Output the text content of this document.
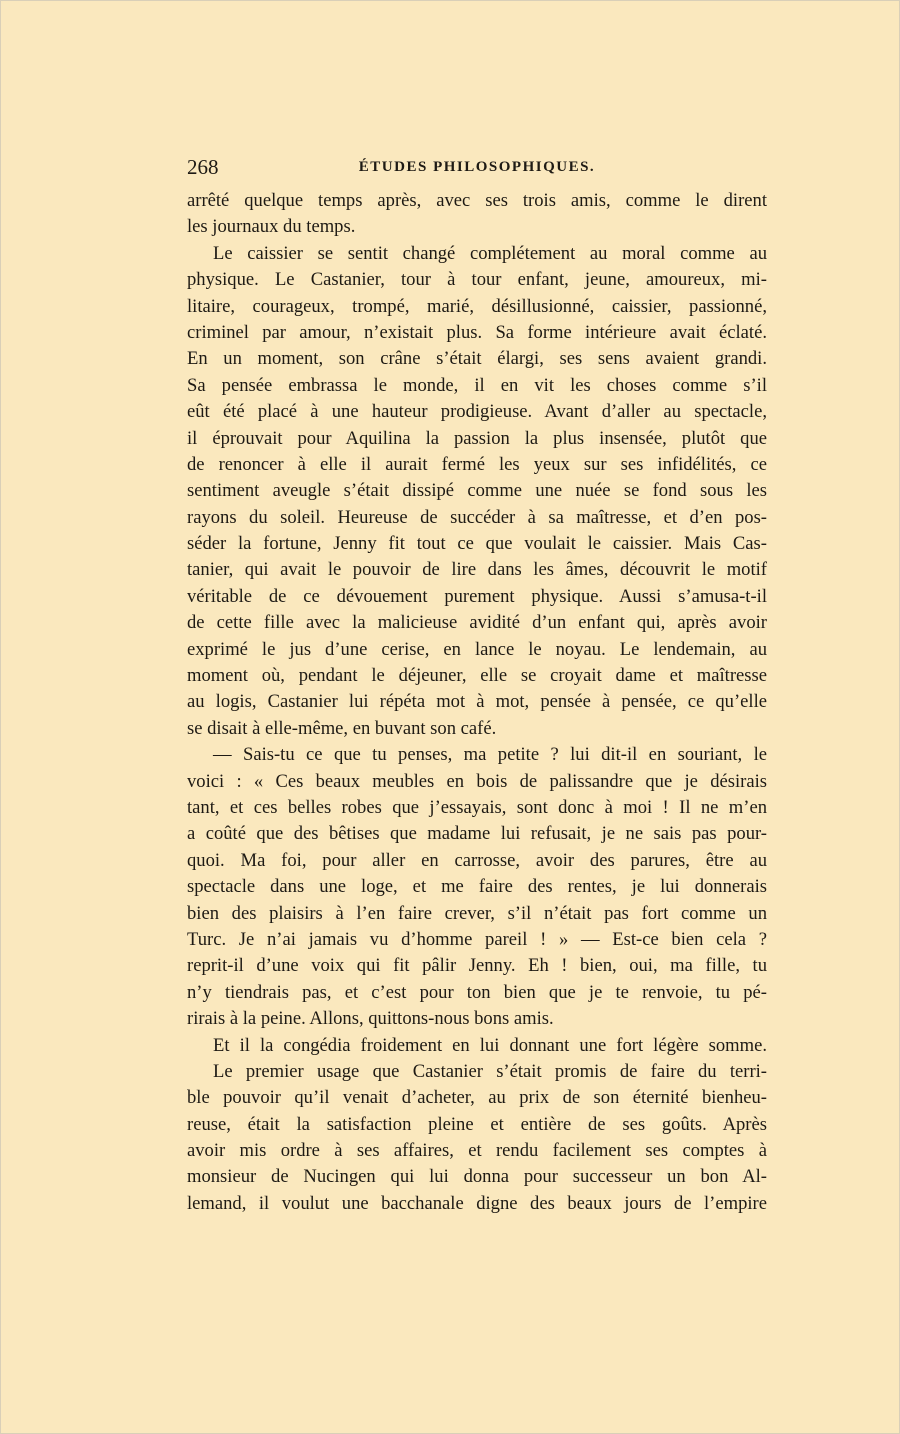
268	ÉTUDES PHILOSOPHIQUES.
arrêté quelque temps après, avec ses trois amis, comme le dirent
les journaux du temps.
Le caissier se sentit changé complétement au moral comme au
physique. Le Castanier, tour à tour enfant, jeune, amoureux, mi-
litaire, courageux, trompé, marié, désillusionné, caissier, passionné,
criminel par amour, n’existait plus. Sa forme intérieure avait éclaté.
En un moment, son crâne s’était élargi, ses sens avaient grandi.
Sa pensée embrassa le monde, il en vit les choses comme s’il
eût été placé à une hauteur prodigieuse. Avant d’aller au spectacle,
il éprouvait pour Aquilina la passion la plus insensée, plutôt que
de renoncer à elle il aurait fermé les yeux sur ses infidélités, ce
sentiment aveugle s’était dissipé comme une nuée se fond sous les
rayons du soleil. Heureuse de succéder à sa maîtresse, et d’en pos-
séder la fortune, Jenny fit tout ce que voulait le caissier. Mais Cas-
tanier, qui avait le pouvoir de lire dans les âmes, découvrit le motif
véritable de ce dévouement purement physique. Aussi s’amusa-t-il
de cette fille avec la malicieuse avidité d’un enfant qui, après avoir
exprimé le jus d’une cerise, en lance le noyau. Le lendemain, au
moment où, pendant le déjeuner, elle se croyait dame et maîtresse
au logis, Castanier lui répéta mot à mot, pensée à pensée, ce qu’elle
se disait à elle-même, en buvant son café.
— Sais-tu ce que tu penses, ma petite ? lui dit-il en souriant, le
voici : « Ces beaux meubles en bois de palissandre que je désirais
tant, et ces belles robes que j’essayais, sont donc à moi ! Il ne m’en
a coûté que des bêtises que madame lui refusait, je ne sais pas pour-
quoi. Ma foi, pour aller en carrosse, avoir des parures, être au
spectacle dans une loge, et me faire des rentes, je lui donnerais
bien des plaisirs à l’en faire crever, s’il n’était pas fort comme un
Turc. Je n’ai jamais vu d’homme pareil ! » — Est-ce bien cela ?
reprit-il d’une voix qui fit pâlir Jenny. Eh ! bien, oui, ma fille, tu
n’y tiendrais pas, et c’est pour ton bien que je te renvoie, tu pé-
rirais à la peine. Allons, quittons-nous bons amis.
Et il la congédia froidement en lui donnant une fort légère somme.
Le premier usage que Castanier s’était promis de faire du terri-
ble pouvoir qu’il venait d’acheter, au prix de son éternité bienheu-
reuse, était la satisfaction pleine et entière de ses goûts. Après
avoir mis ordre à ses affaires, et rendu facilement ses comptes à
monsieur de Nucingen qui lui donna pour successeur un bon Al-
lemand, il voulut une bacchanale digne des beaux jours de l’empire
